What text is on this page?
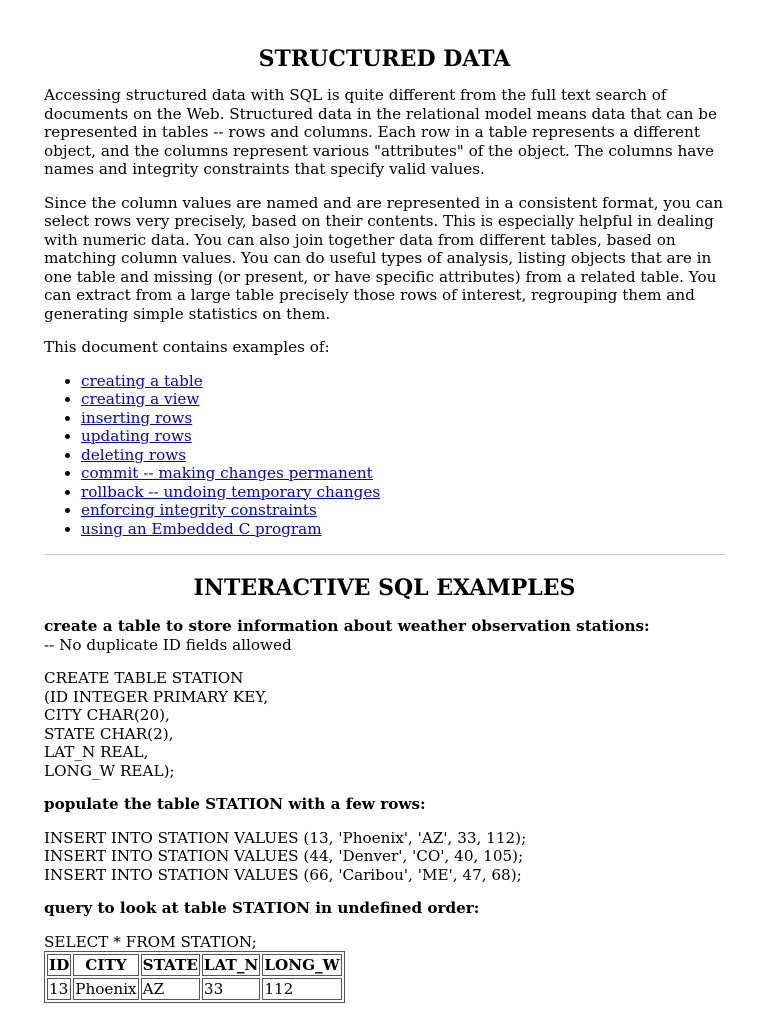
STRUCTURED DATA

Accessing structured data with SQL is quite different from the full text search of documents on the Web. Structured data in the relational model means data that can be represented in tables -- rows and columns. Each row in a table represents a different object, and the columns represent various "attributes" of the object. The columns have names and integrity constraints that specify valid values.

Since the column values are named and are represented in a consistent format, you can select rows very precisely, based on their contents. This is especially helpful in dealing with numeric data. You can also join together data from different tables, based on matching column values. You can do useful types of analysis, listing objects that are in one table and missing (or present, or have specific attributes) from a related table. You can extract from a large table precisely those rows of interest, regrouping them and generating simple statistics on them.

This document contains examples of:

• creating a table
• creating a view
• inserting rows
• updating rows
• deleting rows
• commit -- making changes permanent
• rollback -- undoing temporary changes
• enforcing integrity constraints
• using an Embedded C program
INTERACTIVE SQL EXAMPLES
create a table to store information about weather observation stations:
-- No duplicate ID fields allowed
CREATE TABLE STATION
(ID INTEGER PRIMARY KEY,
CITY CHAR(20),
STATE CHAR(2),
LAT_N REAL,
LONG_W REAL);

populate the table STATION with a few rows:

INSERT INTO STATION VALUES (13, 'Phoenix', 'AZ', 33, 112);
INSERT INTO STATION VALUES (44, 'Denver', 'CO', 40, 105);
INSERT INTO STATION VALUES (66, 'Caribou', 'ME', 47, 68);

query to look at table STATION in undefined order:

SELECT * FROM STATION;
ID	CITY	STATE	LAT_N	LONG_W
13	Phoenix	AZ	33	112
